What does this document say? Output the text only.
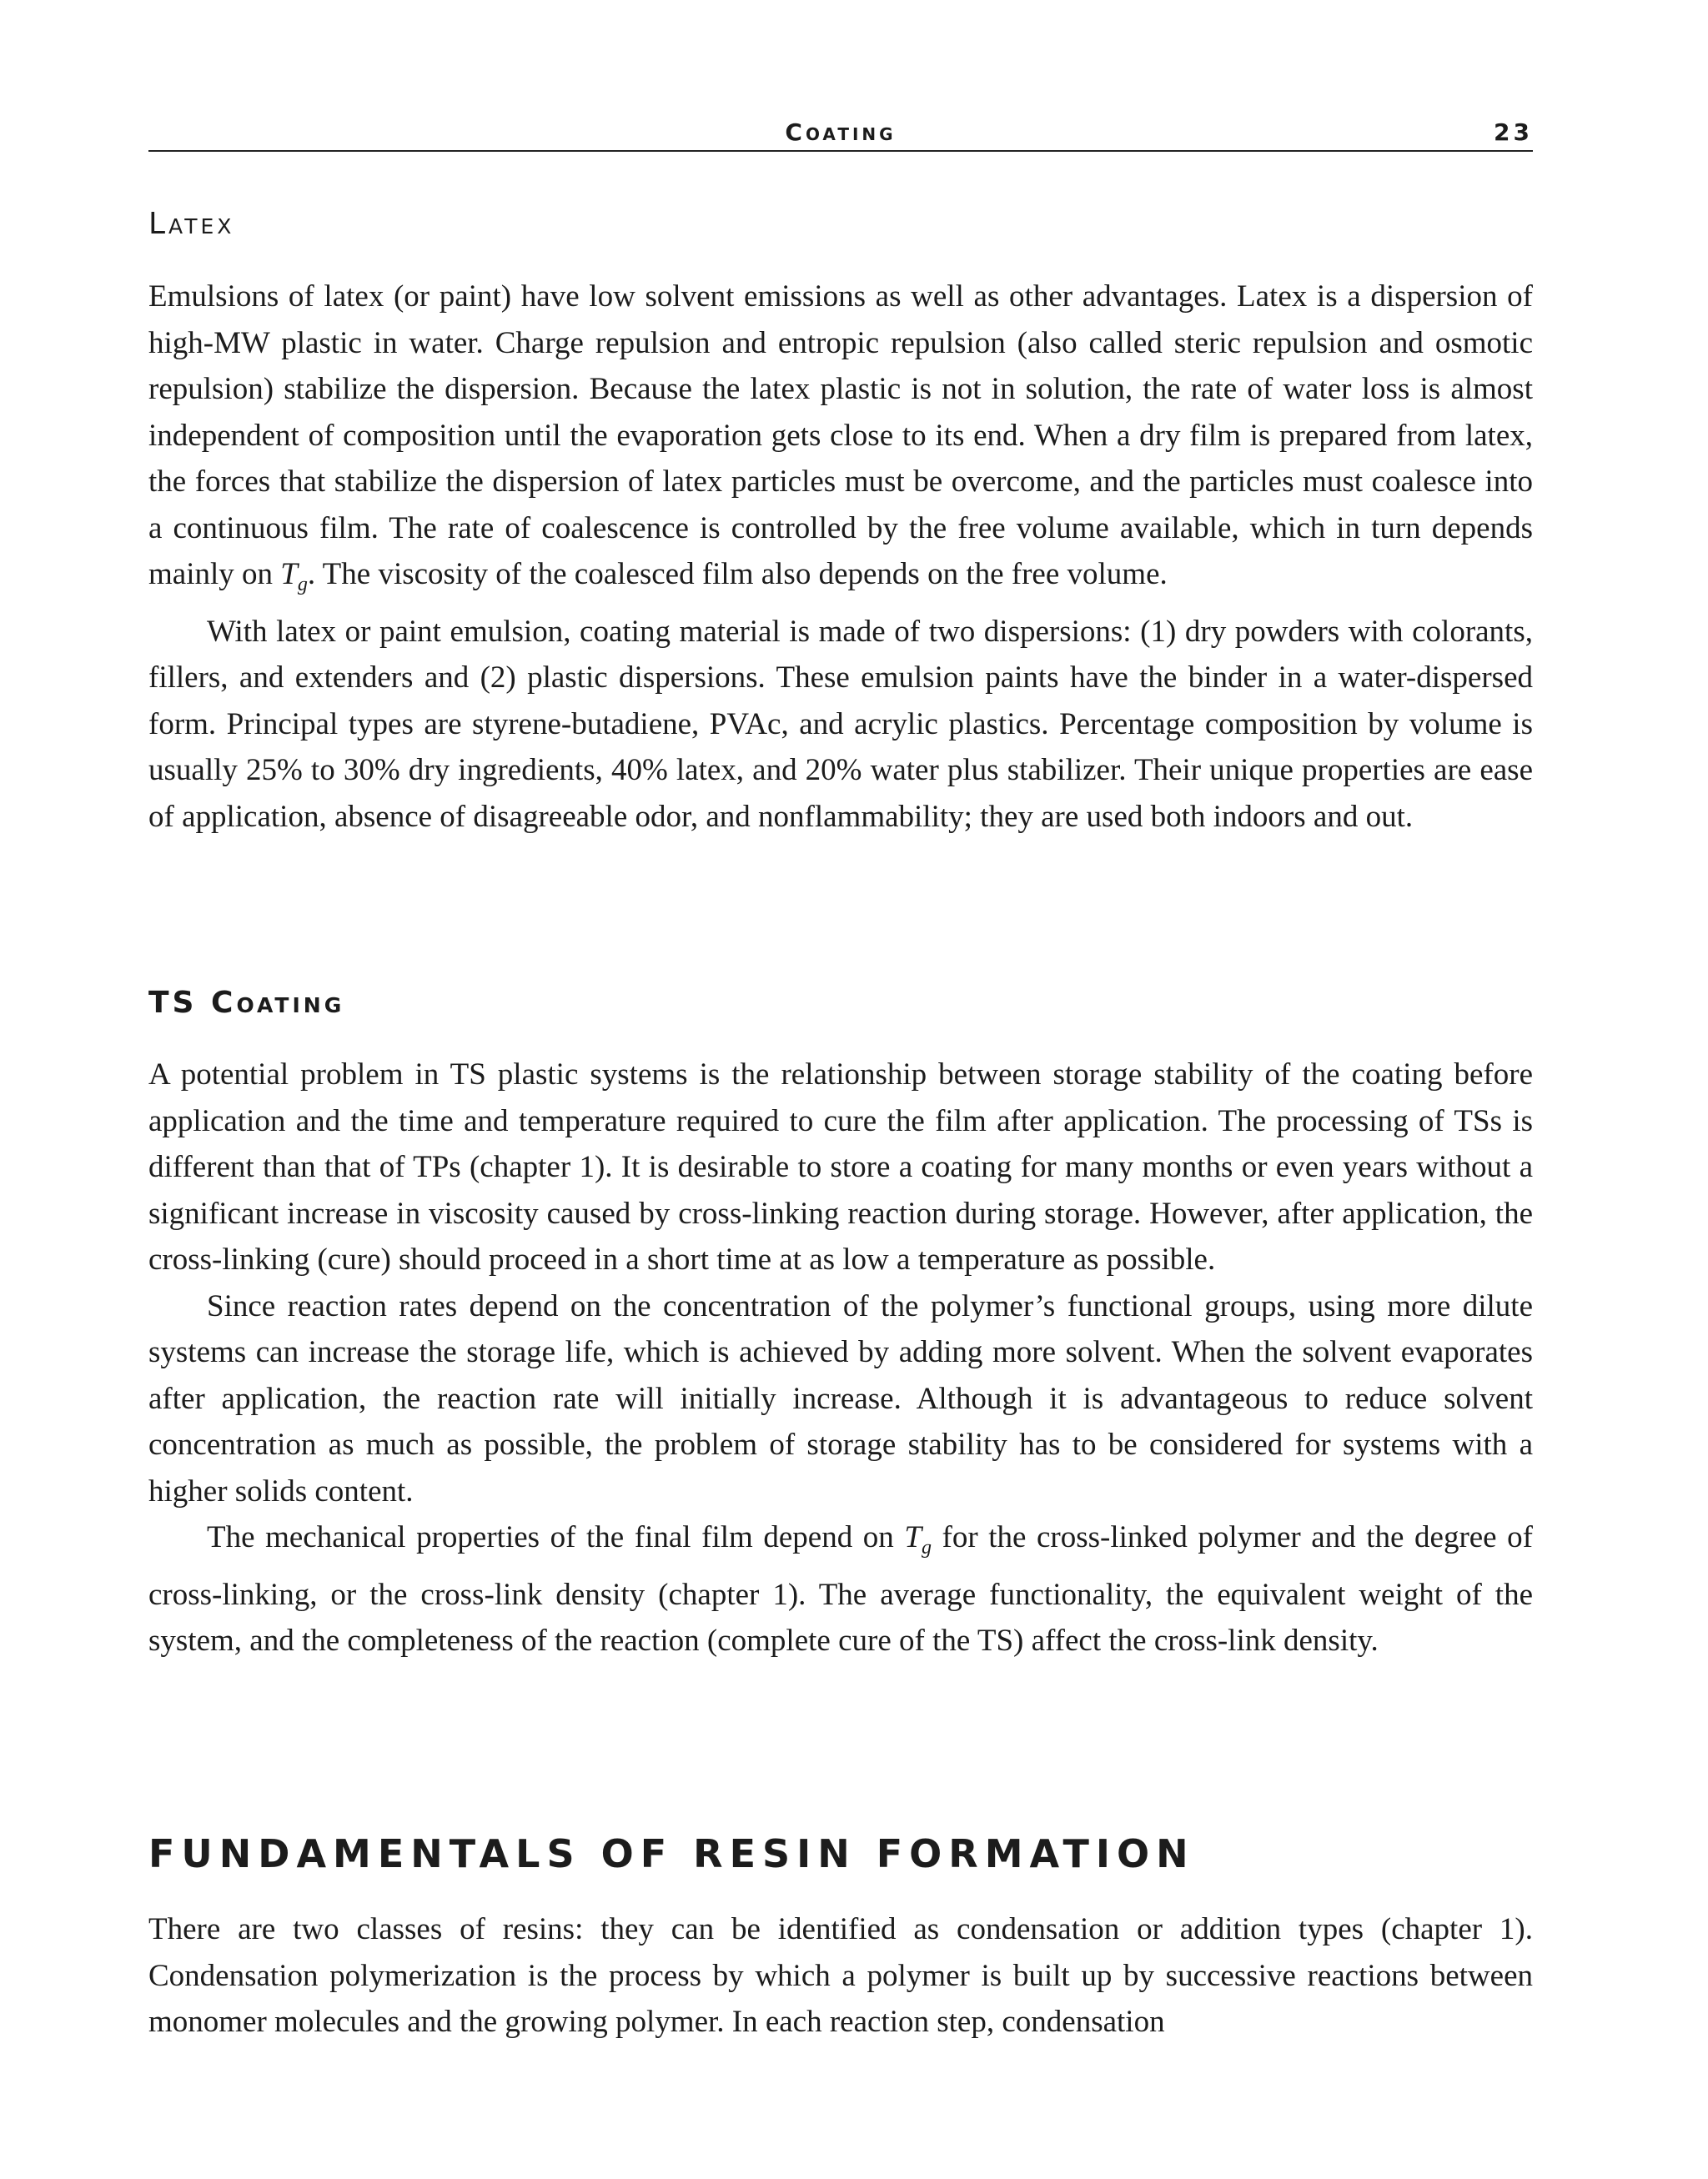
Coating	23
Latex

Emulsions of latex (or paint) have low solvent emissions as well as other advantages. Latex is a dispersion of high-MW plastic in water. Charge repulsion and entropic repulsion (also called steric repulsion and osmotic repulsion) stabilize the dispersion. Because the latex plastic is not in solution, the rate of water loss is almost independent of composition until the evaporation gets close to its end. When a dry film is prepared from latex, the forces that stabilize the dispersion of latex particles must be overcome, and the particles must coalesce into a continuous film. The rate of coalescence is controlled by the free volume available, which in turn depends mainly on $T_g$. The viscosity of the coalesced film also depends on the free volume.

With latex or paint emulsion, coating material is made of two dispersions: (1) dry powders with colorants, fillers, and extenders and (2) plastic dispersions. These emulsion paints have the binder in a water-dispersed form. Principal types are styrene-butadiene, PVAc, and acrylic plastics. Percentage composition by volume is usually 25% to 30% dry ingredients, 40% latex, and 20% water plus stabilizer. Their unique properties are ease of application, absence of disagreeable odor, and nonflammability; they are used both indoors and out.

TS Coating

A potential problem in TS plastic systems is the relationship between storage stability of the coating before application and the time and temperature required to cure the film after application. The processing of TSs is different than that of TPs (chapter 1). It is desirable to store a coating for many months or even years without a significant increase in viscosity caused by cross-linking reaction during storage. However, after application, the cross-linking (cure) should proceed in a short time at as low a temperature as possible.

Since reaction rates depend on the concentration of the polymer’s functional groups, using more dilute systems can increase the storage life, which is achieved by adding more solvent. When the solvent evaporates after application, the reaction rate will initially increase. Although it is advantageous to reduce solvent concentration as much as possible, the problem of storage stability has to be considered for systems with a higher solids content.

The mechanical properties of the final film depend on $T_g$ for the cross-linked polymer and the degree of cross-linking, or the cross-link density (chapter 1). The average functionality, the equivalent weight of the system, and the completeness of the reaction (complete cure of the TS) affect the cross-link density.

FUNDAMENTALS OF RESIN FORMATION

There are two classes of resins: they can be identified as condensation or addition types (chapter 1). Condensation polymerization is the process by which a polymer is built up by successive reactions between monomer molecules and the growing polymer. In each reaction step, condensation
